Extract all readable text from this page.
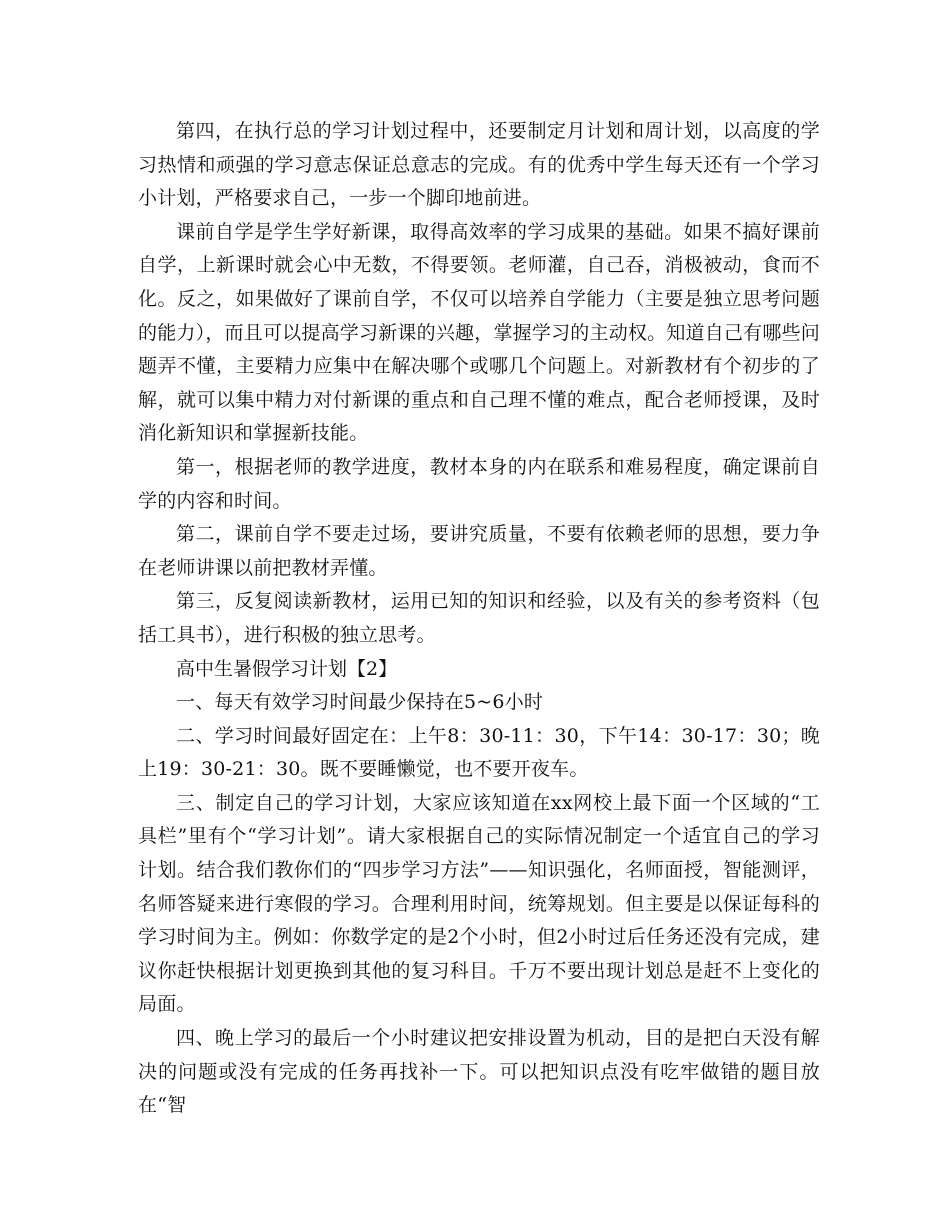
第四，在执行总的学习计划过程中，还要制定月计划和周计划，以高度的学习热情和顽强的学习意志保证总意志的完成。有的优秀中学生每天还有一个学习小计划，严格要求自己，一步一个脚印地前进。

课前自学是学生学好新课，取得高效率的学习成果的基础。如果不搞好课前自学，上新课时就会心中无数，不得要领。老师灌，自己吞，消极被动，食而不化。反之，如果做好了课前自学，不仅可以培养自学能力（主要是独立思考问题的能力），而且可以提高学习新课的兴趣，掌握学习的主动权。知道自己有哪些问题弄不懂，主要精力应集中在解决哪个或哪几个问题上。对新教材有个初步的了解，就可以集中精力对付新课的重点和自己理不懂的难点，配合老师授课，及时消化新知识和掌握新技能。

第一，根据老师的教学进度，教材本身的内在联系和难易程度，确定课前自学的内容和时间。

第二，课前自学不要走过场，要讲究质量，不要有依赖老师的思想，要力争在老师讲课以前把教材弄懂。

第三，反复阅读新教材，运用已知的知识和经验，以及有关的参考资料（包括工具书），进行积极的独立思考。

高中生暑假学习计划【2】

一、每天有效学习时间最少保持在5~6小时

二、学习时间最好固定在：上午8：30-11：30，下午14：30-17：30；晚上19：30-21：30。既不要睡懒觉，也不要开夜车。

三、制定自己的学习计划，大家应该知道在xx网校上最下面一个区域的“工具栏”里有个“学习计划”。请大家根据自己的实际情况制定一个适宜自己的学习计划。结合我们教你们的“四步学习方法”——知识强化，名师面授，智能测评，名师答疑来进行寒假的学习。合理利用时间，统筹规划。但主要是以保证每科的学习时间为主。例如：你数学定的是2个小时，但2小时过后任务还没有完成，建议你赶快根据计划更换到其他的复习科目。千万不要出现计划总是赶不上变化的局面。

四、晚上学习的最后一个小时建议把安排设置为机动，目的是把白天没有解决的问题或没有完成的任务再找补一下。可以把知识点没有吃牢做错的题目放在“智
